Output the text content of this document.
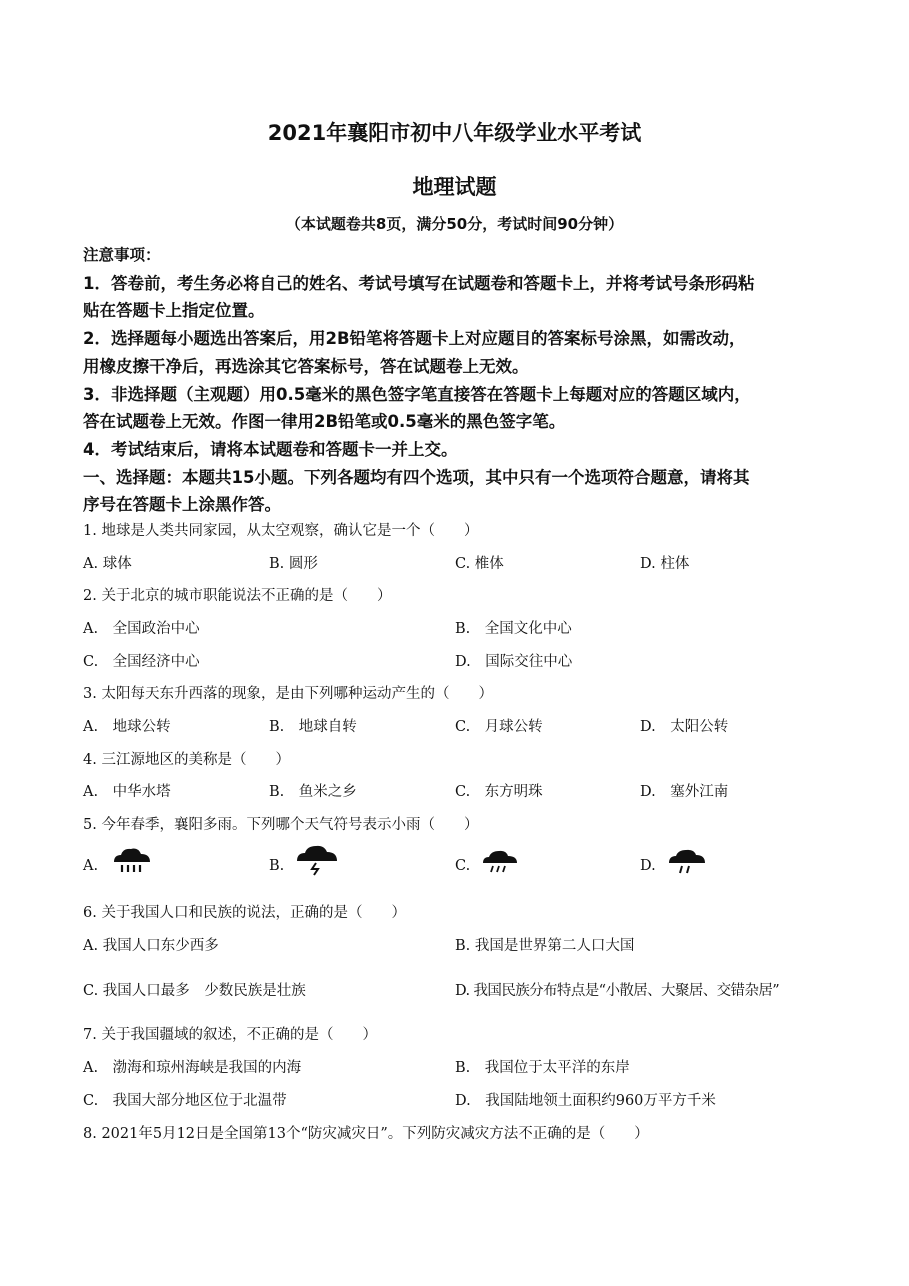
2021年襄阳市初中八年级学业水平考试
地理试题
（本试题卷共8页，满分50分，考试时间90分钟）
注意事项：
1．答卷前，考生务必将自己的姓名、考试号填写在试题卷和答题卡上，并将考试号条形码粘
贴在答题卡上指定位置。
2．选择题每小题选出答案后，用2B铅笔将答题卡上对应题目的答案标号涂黑，如需改动，
用橡皮擦干净后，再选涂其它答案标号，答在试题卷上无效。
3．非选择题（主观题）用0.5毫米的黑色签字笔直接答在答题卡上每题对应的答题区域内，
答在试题卷上无效。作图一律用2B铅笔或0.5毫米的黑色签字笔。
4．考试结束后，请将本试题卷和答题卡一并上交。
一、选择题：本题共15小题。下列各题均有四个选项，其中只有一个选项符合题意，请将其
序号在答题卡上涂黑作答。
1. 地球是人类共同家园，从太空观察，确认它是一个（　　）
A. 球体	B. 圆形	C. 椎体	D. 柱体
2. 关于北京的城市职能说法不正确的是（　　）
A.　全国政治中心	B.　全国文化中心
C.　全国经济中心	D.　国际交往中心
3. 太阳每天东升西落的现象，是由下列哪种运动产生的（　　）
A.　地球公转	B.　地球自转	C.　月球公转	D.　太阳公转
4. 三江源地区的美称是（　　）
A.　中华水塔	B.　鱼米之乡	C.　东方明珠	D.　塞外江南
5. 今年春季，襄阳多雨。下列哪个天气符号表示小雨（　　）
A.	B.	C.	D.
6. 关于我国人口和民族的说法，正确的是（　　）
A. 我国人口东少西多	B. 我国是世界第二人口大国
C. 我国人口最多　少数民族是壮族	D. 我国民族分布特点是“小散居、大聚居、交错杂居”
7. 关于我国疆域的叙述，不正确的是（　　）
A.　渤海和琼州海峡是我国的内海	B.　我国位于太平洋的东岸
C.　我国大部分地区位于北温带	D.　我国陆地领土面积约960万平方千米
8. 2021年5月12日是全国第13个“防灾减灾日”。下列防灾减灾方法不正确的是（　　）
